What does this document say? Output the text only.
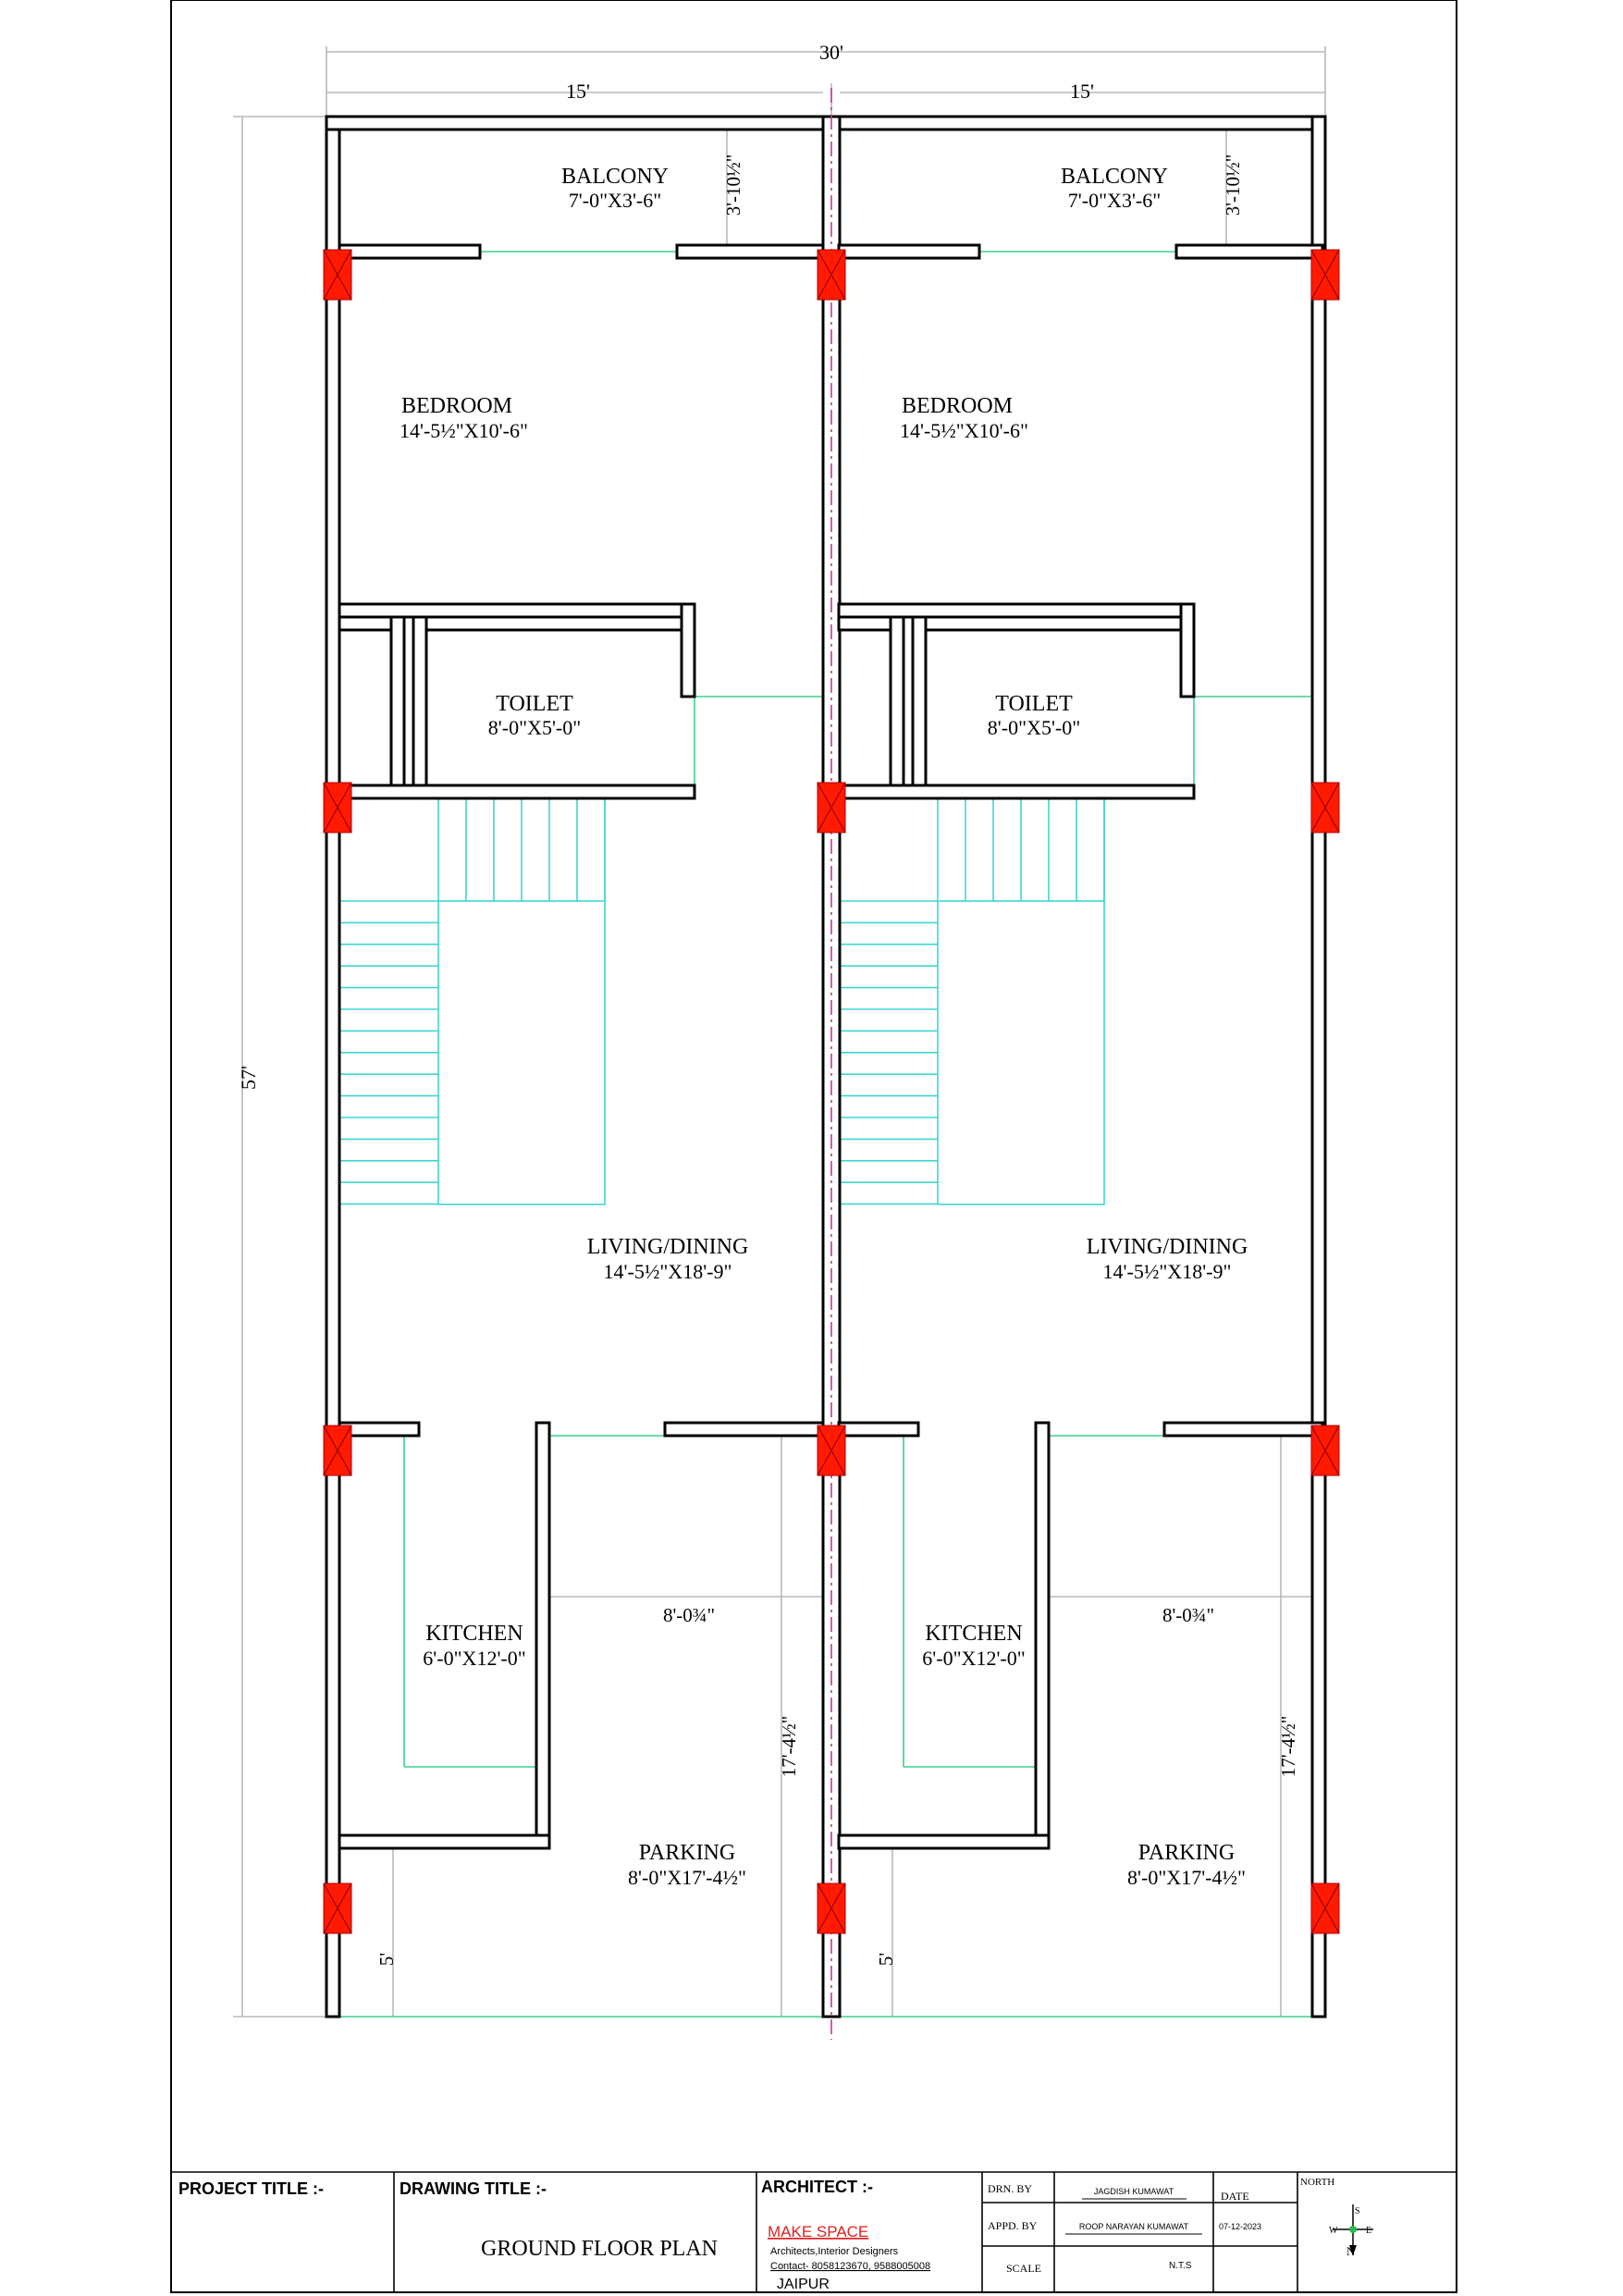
30'
15'	15'
57'
BALCONY
7'-0"X3'-6"	3'-10½"
BEDROOM
14'-5½"X10'-6"
TOILET
8'-0"X5'-0"
LIVING/DINING
14'-5½"X18'-9"
KITCHEN
6'-0"X12'-0"
8'-0¾"
17'-4½"
PARKING
8'-0"X17'-4½"
5'
BALCONY
7'-0"X3'-6"	3'-10½"
BEDROOM
14'-5½"X10'-6"
TOILET
8'-0"X5'-0"
LIVING/DINING
14'-5½"X18'-9"
KITCHEN
6'-0"X12'-0"
8'-0¾"
17'-4½"
PARKING
8'-0"X17'-4½"
5'
PROJECT TITLE :-	DRAWING TITLE :-
GROUND FLOOR PLAN
ARCHITECT :-
MAKE SPACE
Architects,Interior Designers
Contact- 8058123670, 9588005008
JAIPUR
DRN. BY	JAGDISH KUMAWAT
APPD. BY	ROOP NARAYAN KUMAWAT
SCALE	N.T.S
DATE
07-12-2023
NORTH
S
W	E
N
